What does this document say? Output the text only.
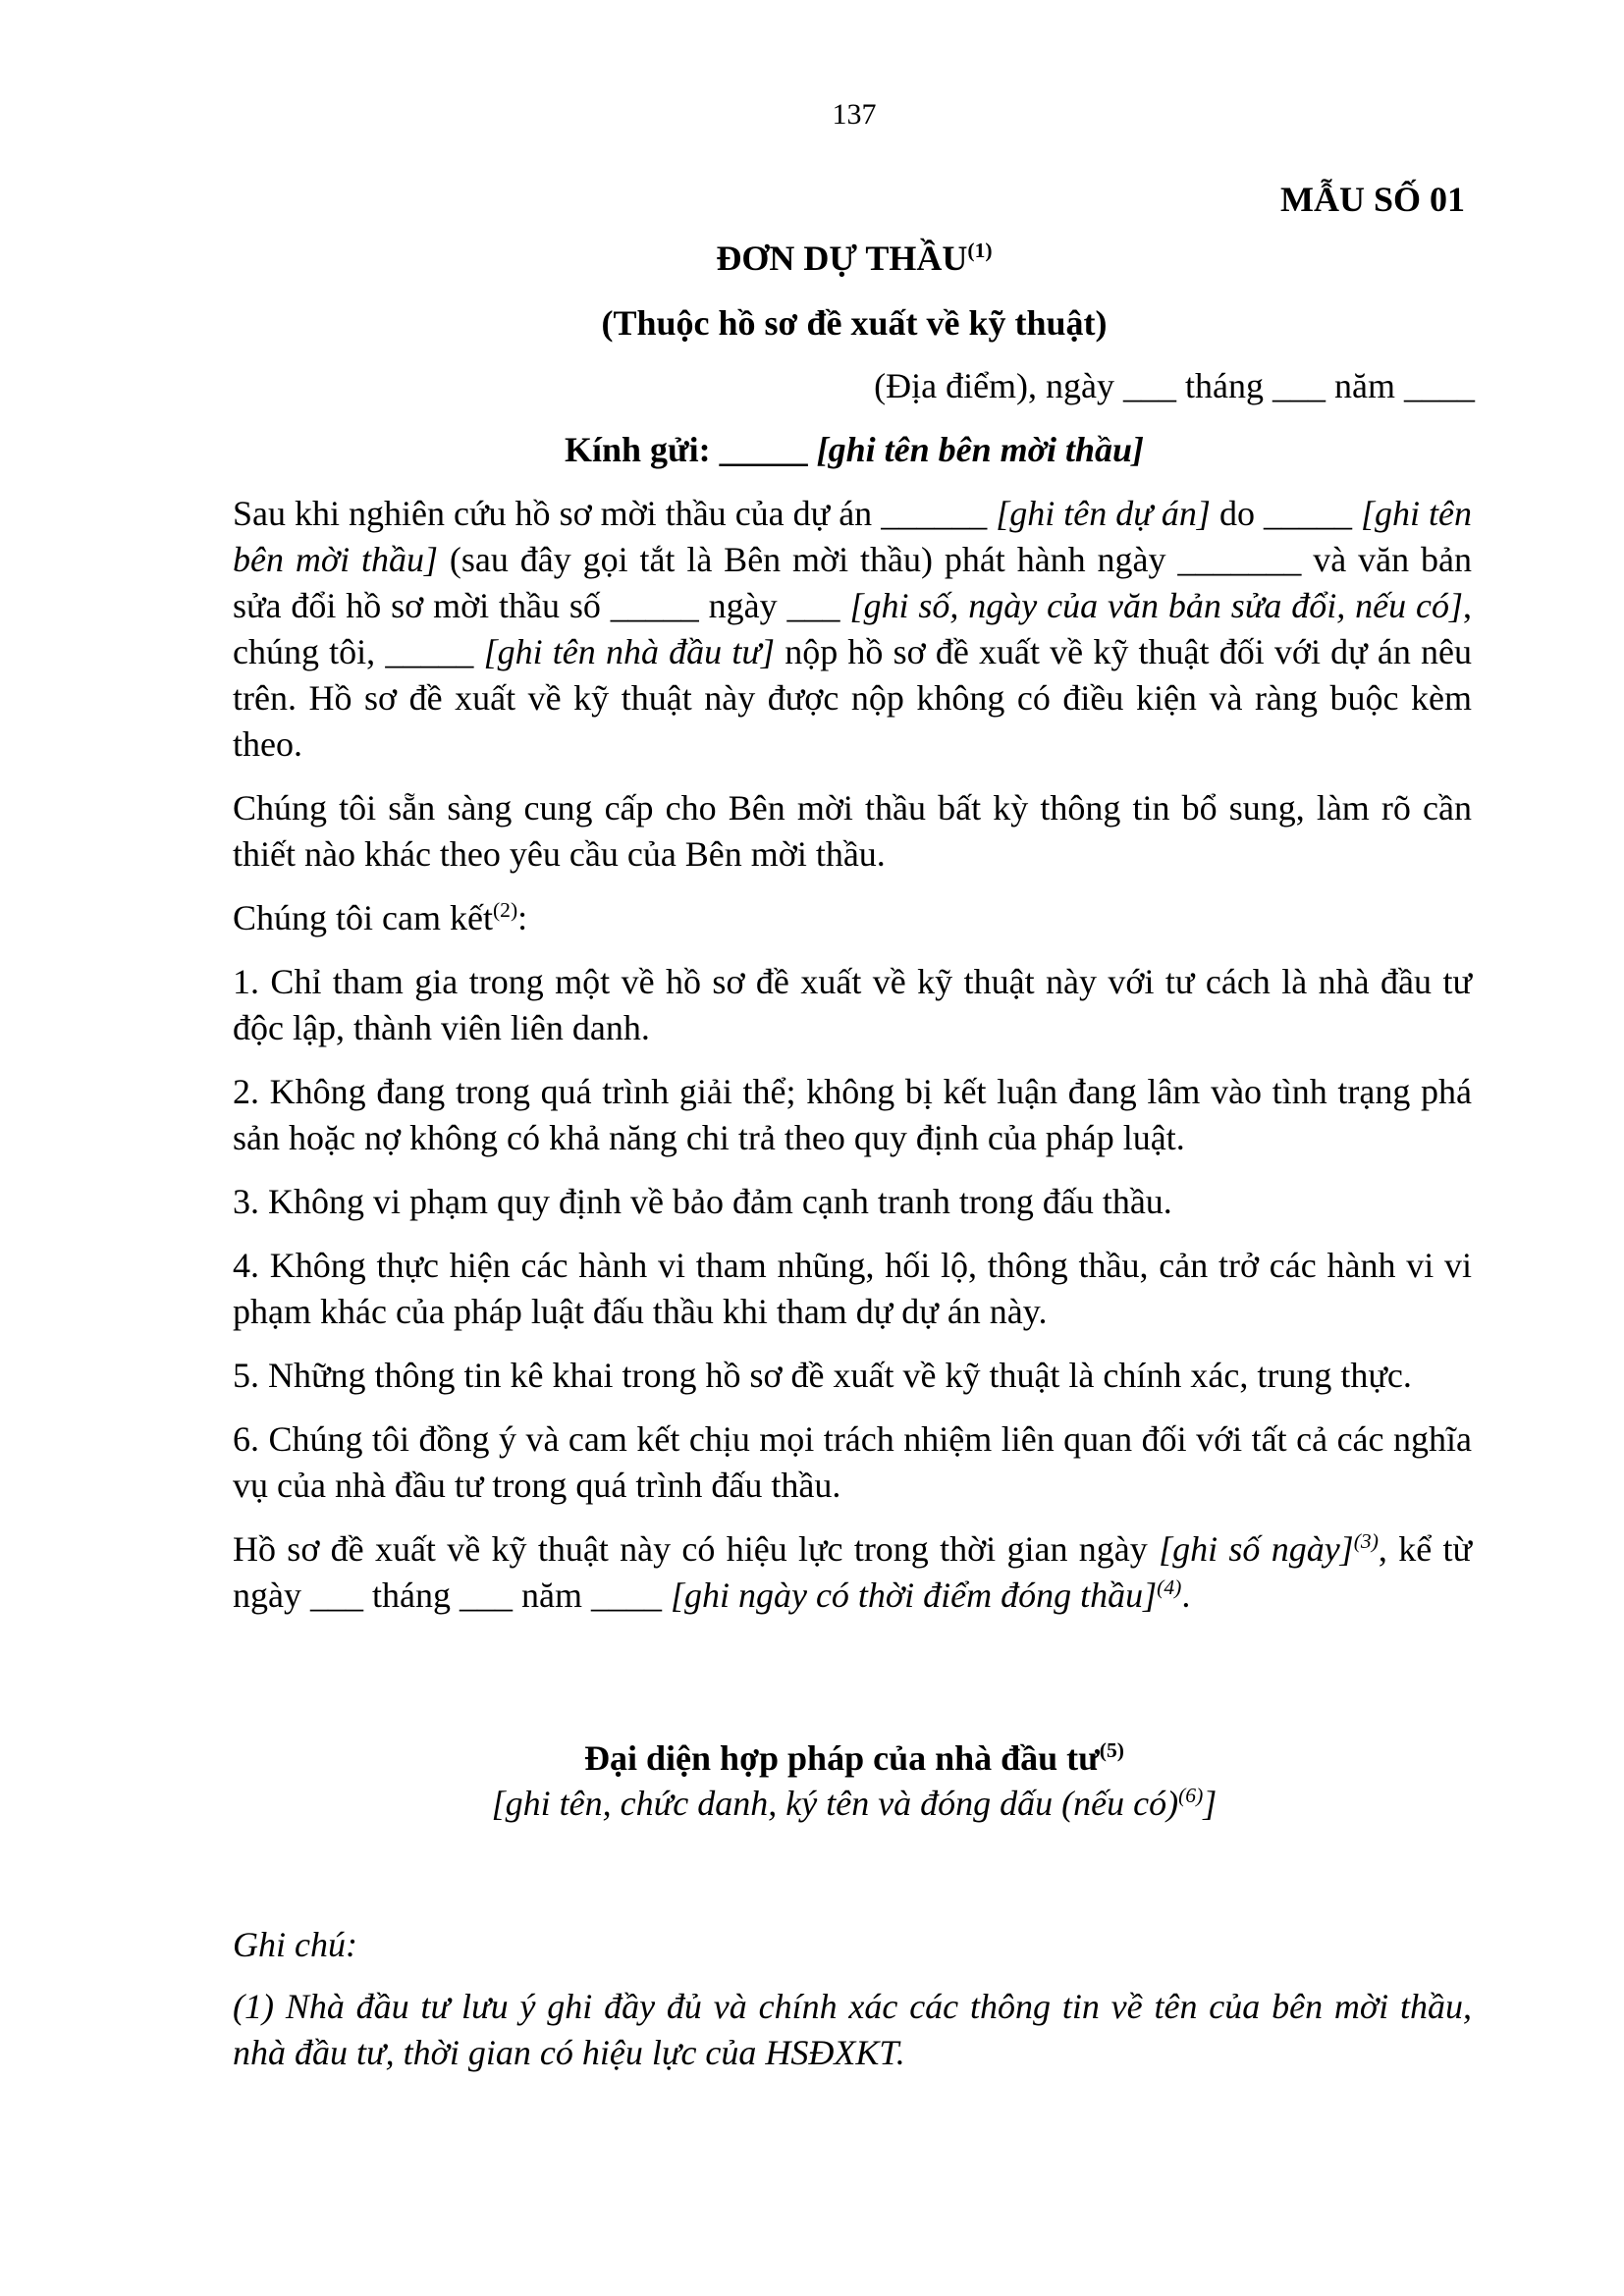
137
MẪU SỐ 01
ĐƠN DỰ THẦU$^{(1)}$
(Thuộc hồ sơ đề xuất về kỹ thuật)
(Địa điểm), ngày ___ tháng ___ năm ____
Kính gửi: _____ [ghi tên bên mời thầu]

Sau khi nghiên cứu hồ sơ mời thầu của dự án ______ [ghi tên dự án] do _____ [ghi tên bên mời thầu] (sau đây gọi tắt là Bên mời thầu) phát hành ngày _______ và văn bản sửa đổi hồ sơ mời thầu số _____ ngày ___ [ghi số, ngày của văn bản sửa đổi, nếu có], chúng tôi, _____ [ghi tên nhà đầu tư] nộp hồ sơ đề xuất về kỹ thuật đối với dự án nêu trên. Hồ sơ đề xuất về kỹ thuật này được nộp không có điều kiện và ràng buộc kèm theo.

Chúng tôi sẵn sàng cung cấp cho Bên mời thầu bất kỳ thông tin bổ sung, làm rõ cần thiết nào khác theo yêu cầu của Bên mời thầu.

Chúng tôi cam kết$^{(2)}$:

1. Chỉ tham gia trong một về hồ sơ đề xuất về kỹ thuật này với tư cách là nhà đầu tư độc lập, thành viên liên danh.

2. Không đang trong quá trình giải thể; không bị kết luận đang lâm vào tình trạng phá sản hoặc nợ không có khả năng chi trả theo quy định của pháp luật.

3. Không vi phạm quy định về bảo đảm cạnh tranh trong đấu thầu.

4. Không thực hiện các hành vi tham nhũng, hối lộ, thông thầu, cản trở các hành vi vi phạm khác của pháp luật đấu thầu khi tham dự dự án này.

5. Những thông tin kê khai trong hồ sơ đề xuất về kỹ thuật là chính xác, trung thực.

6. Chúng tôi đồng ý và cam kết chịu mọi trách nhiệm liên quan đối với tất cả các nghĩa vụ của nhà đầu tư trong quá trình đấu thầu.

Hồ sơ đề xuất về kỹ thuật này có hiệu lực trong thời gian ngày [ghi số ngày]$^{(3)}$, kể từ ngày ___ tháng ___ năm ____ [ghi ngày có thời điểm đóng thầu]$^{(4)}$.

Đại diện hợp pháp của nhà đầu $tư^{(5)}$
[ghi tên, chức danh, ký tên và đóng dấu (nếu có)$^{(6)}$]

Ghi chú:

(1) Nhà đầu tư lưu ý ghi đầy đủ và chính xác các thông tin về tên của bên mời thầu, nhà đầu tư, thời gian có hiệu lực của HSĐXKT.
